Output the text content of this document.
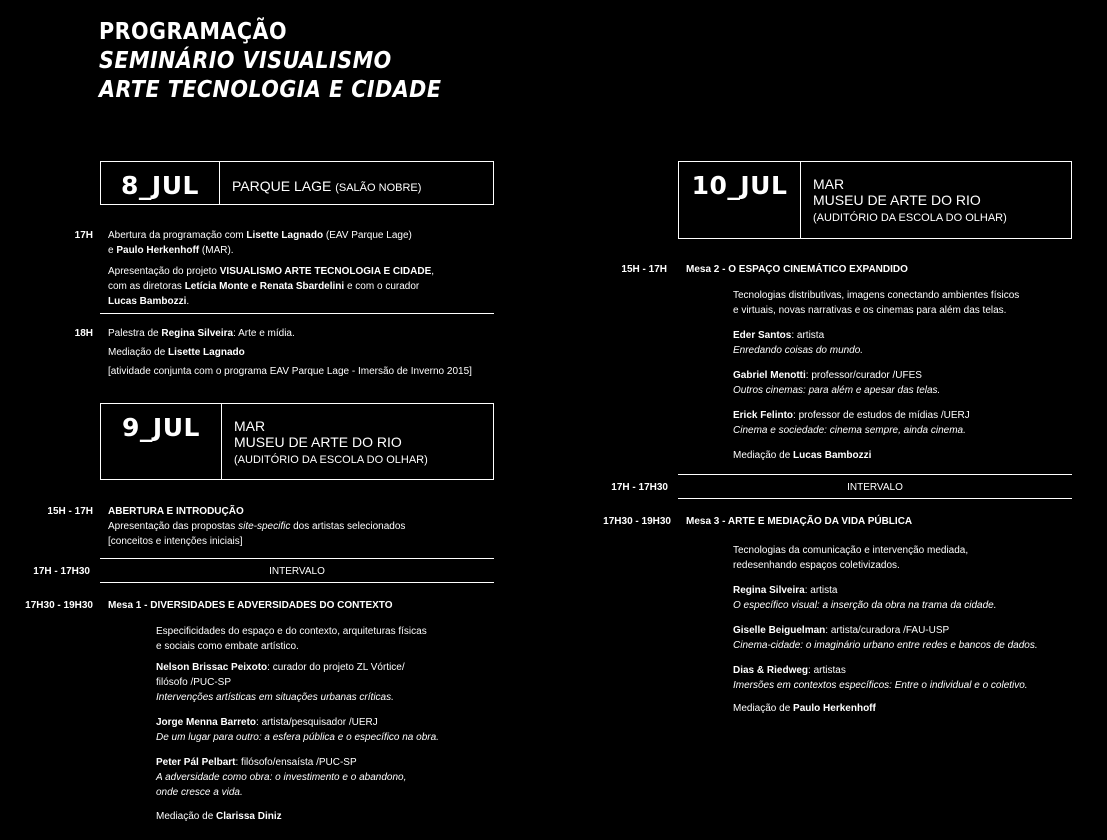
PROGRAMAÇÃO
SEMINÁRIO VISUALISMO
ARTE TECNOLOGIA E CIDADE
8_JUL	PARQUE LAGE (SALÃO NOBRE)
17H Abertura da programação com Lisette Lagnado (EAV Parque Lage)

e Paulo Herkenhoff (MAR).

Apresentação do projeto VISUALISMO ARTE TECNOLOGIA E CIDADE,

com as diretoras Letícia Monte e Renata Sbardelini e com o curador

Lucas Bambozzi.

18H Palestra de Regina Silveira: Arte e mídia.

Mediação de Lisette Lagnado

[atividade conjunta com o programa EAV Parque Lage - Imersão de Inverno 2015]

9_JUL	MAR
MUSEU DE ARTE DO RIO
(AUDITÓRIO DA ESCOLA DO OLHAR)
15H - 17H ABERTURA E INTRODUÇÃO

Apresentação das propostas site-specific dos artistas selecionados

[conceitos e intenções iniciais]

17H - 17H30	INTERVALO
17H30 - 19H30 Mesa 1 - DIVERSIDADES E ADVERSIDADES DO CONTEXTO

Especificidades do espaço e do contexto, arquiteturas físicas

e sociais como embate artístico.

Nelson Brissac Peixoto: curador do projeto ZL Vórtice/

filósofo /PUC-SP

Intervenções artísticas em situações urbanas críticas.

Jorge Menna Barreto: artista/pesquisador /UERJ

De um lugar para outro: a esfera pública e o específico na obra.

Peter Pál Pelbart: filósofo/ensaísta /PUC-SP

A adversidade como obra: o investimento e o abandono,

onde cresce a vida.

Mediação de Clarissa Diniz

10_JUL	MAR
MUSEU DE ARTE DO RIO
(AUDITÓRIO DA ESCOLA DO OLHAR)
15H - 17H Mesa 2 - O ESPAÇO CINEMÁTICO EXPANDIDO

Tecnologias distributivas, imagens conectando ambientes físicos

e virtuais, novas narrativas e os cinemas para além das telas.

Eder Santos: artista

Enredando coisas do mundo.

Gabriel Menotti: professor/curador /UFES

Outros cinemas: para além e apesar das telas.

Erick Felinto: professor de estudos de mídias /UERJ

Cinema e sociedade: cinema sempre, ainda cinema.

Mediação de Lucas Bambozzi

17H - 17H30	INTERVALO
17H30 - 19H30 Mesa 3 - ARTE E MEDIAÇÃO DA VIDA PÚBLICA

Tecnologias da comunicação e intervenção mediada,

redesenhando espaços coletivizados.

Regina Silveira: artista

O específico visual: a inserção da obra na trama da cidade.

Giselle Beiguelman: artista/curadora /FAU-USP

Cinema-cidade: o imaginário urbano entre redes e bancos de dados.

Dias & Riedweg: artistas

Imersões em contextos específicos: Entre o individual e o coletivo.

Mediação de Paulo Herkenhoff
